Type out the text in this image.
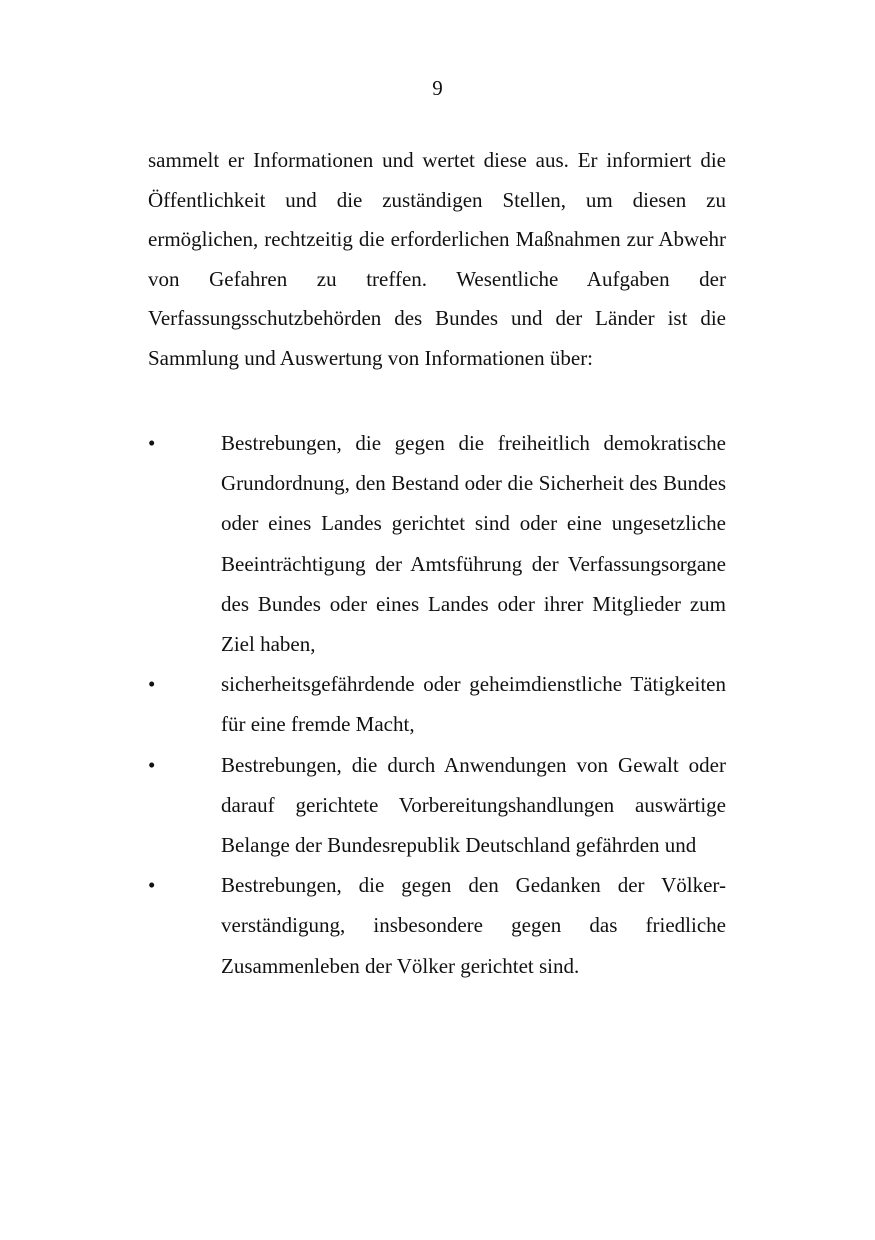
9

sammelt er Informationen und wertet diese aus. Er informiert die Öffentlichkeit und die zuständigen Stellen, um diesen zu ermöglichen, rechtzeitig die erforderlichen Maßnahmen zur Abwehr von Gefahren zu treffen. Wesentliche Aufgaben der Verfassungsschutzbehörden des Bundes und der Länder ist die Sammlung und Auswertung von Informationen über:

•	Bestrebungen, die gegen die freiheitlich demokratische Grundordnung, den Bestand oder die Sicherheit des Bundes oder eines Landes gerichtet sind oder eine ungesetzliche Beeinträchtigung der Amtsführung der Verfassungsorgane des Bundes oder eines Landes oder ihrer Mitglieder zum Ziel haben,

•	sicherheitsgefährdende oder geheimdienstliche Tätigkeiten für eine fremde Macht,

•	Bestrebungen, die durch Anwendungen von Gewalt oder darauf gerichtete Vorbereitungshandlungen auswärtige Belange der Bundesrepublik Deutschland gefährden und

•	Bestrebungen, die gegen den Gedanken der Völker-verständigung, insbesondere gegen das friedliche Zusammenleben der Völker gerichtet sind.
